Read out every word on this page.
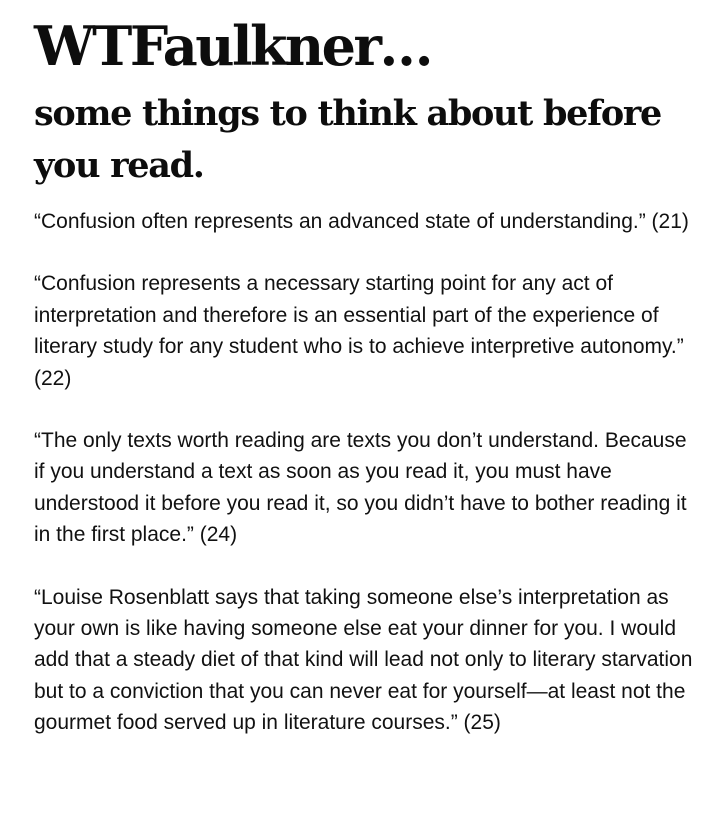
WTFaulkner…
some things to think about before you read.

“Confusion often represents an advanced state of understanding.” (21)

“Confusion represents a necessary starting point for any act of interpretation and therefore is an essential part of the experience of literary study for any student who is to achieve interpretive autonomy.” (22)

“The only texts worth reading are texts you don’t understand. Because if you understand a text as soon as you read it, you must have understood it before you read it, so you didn’t have to bother reading it in the first place.” (24)

“Louise Rosenblatt says that taking someone else’s interpretation as your own is like having someone else eat your dinner for you. I would add that a steady diet of that kind will lead not only to literary starvation but to a conviction that you can never eat for yourself—at least not the gourmet food served up in literature courses.” (25)
